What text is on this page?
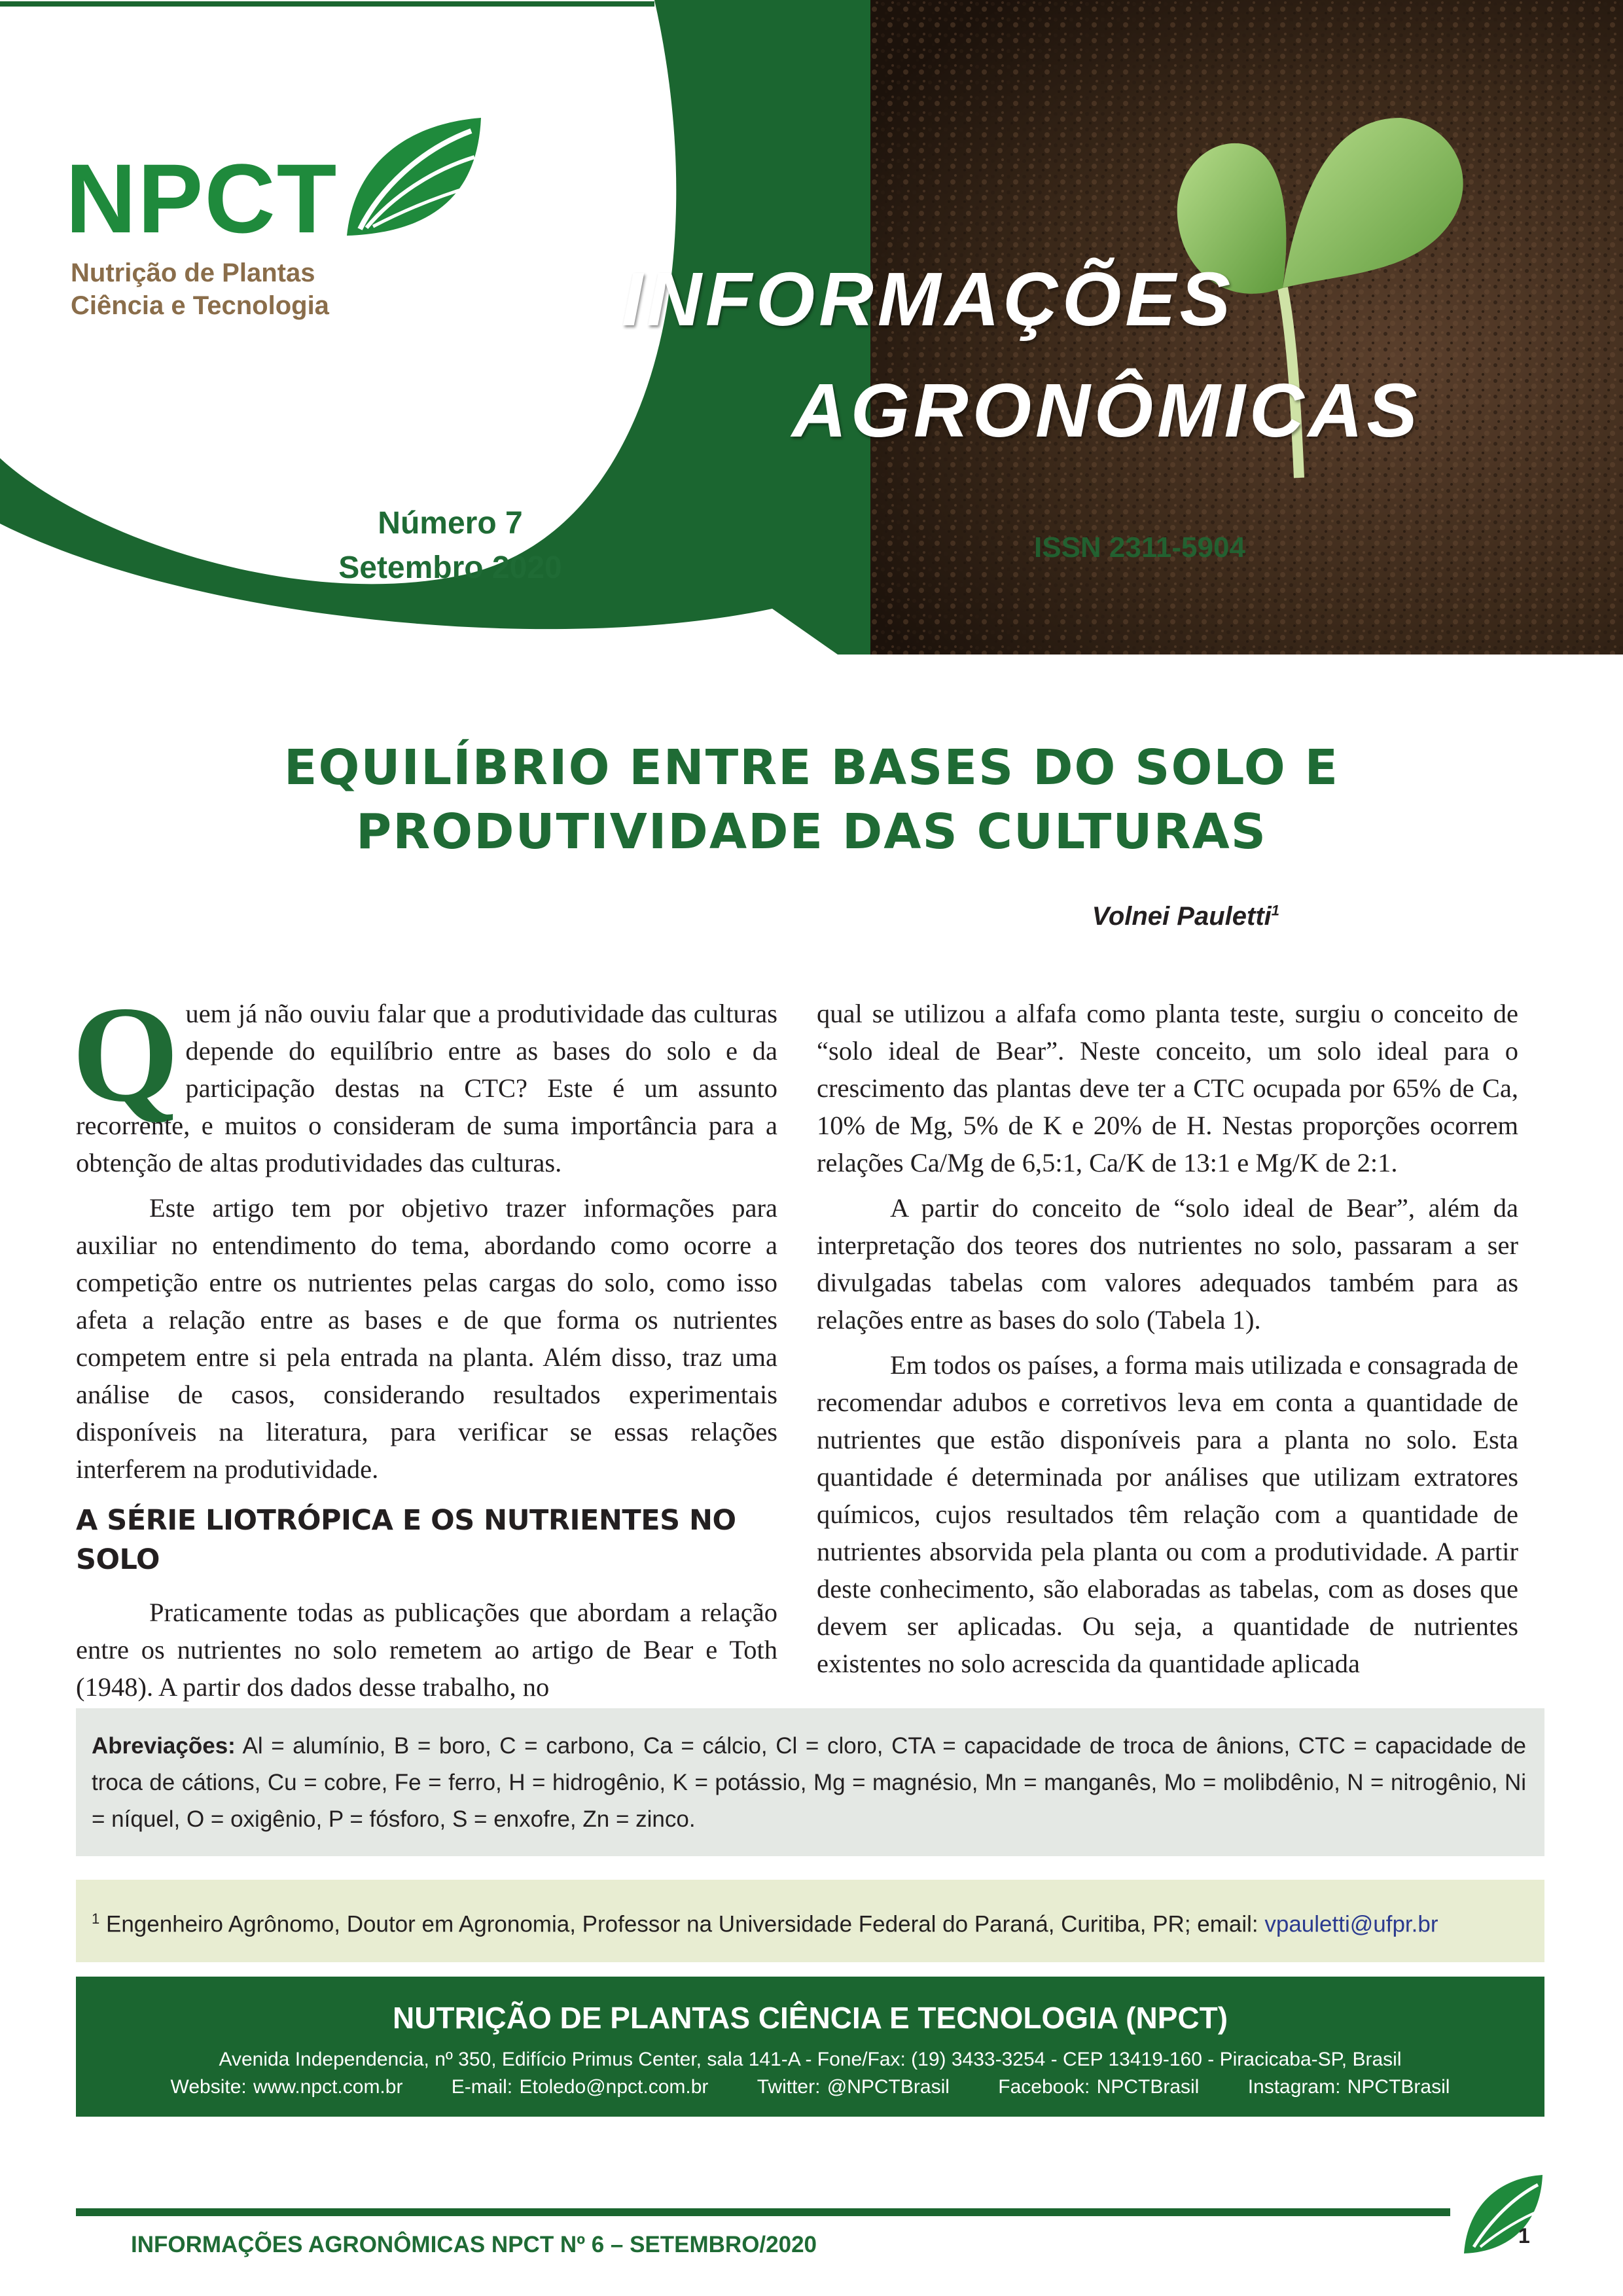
NPCT
Nutrição de Plantas
Ciência e Tecnologia	INFORMAÇÕES
AGRONÔMICAS
Número 7
Setembro 2020
ISSN 2311-5904
EQUILÍBRIO ENTRE BASES DO SOLO E
PRODUTIVIDADE DAS CULTURAS
Volnei Pauletti$^1$

Quem já não ouviu falar que a produtividade das culturas depende do equilíbrio entre as bases do solo e da participação destas na CTC? Este é um assunto recorrente, e muitos o consideram de suma importância para a obtenção de altas produtividades das culturas.

Este artigo tem por objetivo trazer informações para auxiliar no entendimento do tema, abordando como ocorre a competição entre os nutrientes pelas cargas do solo, como isso afeta a relação entre as bases e de que forma os nutrientes competem entre si pela entrada na planta. Além disso, traz uma análise de casos, considerando resultados experimentais disponíveis na literatura, para verificar se essas relações interferem na produtividade.

A SÉRIE LIOTRÓPICA E OS NUTRIENTES NO SOLO

Praticamente todas as publicações que abordam a relação entre os nutrientes no solo remetem ao artigo de Bear e Toth (1948). A partir dos dados desse trabalho, no

qual se utilizou a alfafa como planta teste, surgiu o conceito de “solo ideal de Bear”. Neste conceito, um solo ideal para o crescimento das plantas deve ter a CTC ocupada por 65% de Ca, 10% de Mg, 5% de K e 20% de H. Nestas proporções ocorrem relações Ca/Mg de 6,5:1, Ca/K de 13:1 e Mg/K de 2:1.

A partir do conceito de “solo ideal de Bear”, além da interpretação dos teores dos nutrientes no solo, passaram a ser divulgadas tabelas com valores adequados também para as relações entre as bases do solo (Tabela 1).

Em todos os países, a forma mais utilizada e consagrada de recomendar adubos e corretivos leva em conta a quantidade de nutrientes que estão disponíveis para a planta no solo. Esta quantidade é determinada por análises que utilizam extratores químicos, cujos resultados têm relação com a quantidade de nutrientes absorvida pela planta ou com a produtividade. A partir deste conhecimento, são elaboradas as tabelas, com as doses que devem ser aplicadas. Ou seja, a quantidade de nutrientes existentes no solo acrescida da quantidade aplicada

Abreviações: Al = alumínio, B = boro, C = carbono, Ca = cálcio, Cl = cloro, CTA = capacidade de troca de ânions, CTC = capacidade de troca de cátions, Cu = cobre, Fe = ferro, H = hidrogênio, K = potássio, Mg = magnésio, Mn = manganês, Mo = molibdênio, N = nitrogênio, Ni = níquel, O = oxigênio, P = fósforo, S = enxofre, Zn = zinco.
$^1$ Engenheiro Agrônomo, Doutor em Agronomia, Professor na Universidade Federal do Paraná, Curitiba, PR; email: vpauletti@ufpr.br
NUTRIÇÃO DE PLANTAS CIÊNCIA E TECNOLOGIA (NPCT)
Avenida Independencia, nº 350, Edifício Primus Center, sala 141-A - Fone/Fax: (19) 3433-3254 - CEP 13419-160 - Piracicaba-SP, Brasil
Website: www.npct.com.br E-mail: Etoledo@npct.com.br Twitter: @NPCTBrasil Facebook: NPCTBrasil Instagram: NPCTBrasil
INFORMAÇÕES AGRONÔMICAS NPCT Nº 6 – SETEMBRO/2020	1
